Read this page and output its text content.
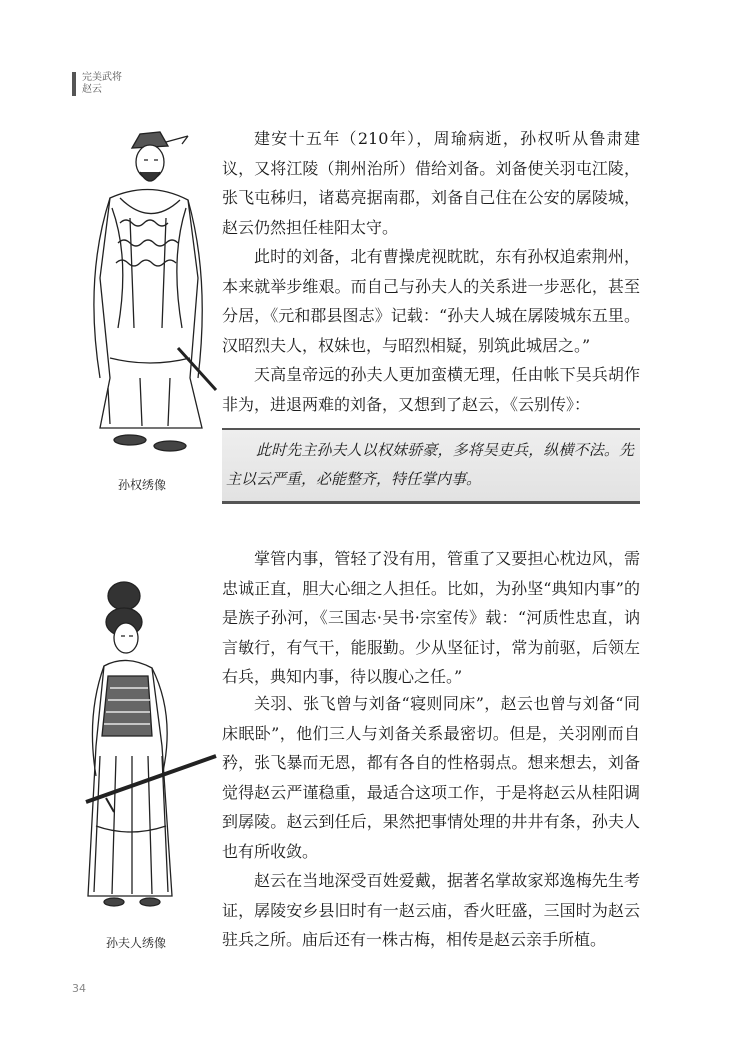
完美武将
赵云
孙权绣像
孙夫人绣像

建安十五年（210年），周瑜病逝，孙权听从鲁肃建议，又将江陵（荆州治所）借给刘备。刘备使关羽屯江陵，张飞屯秭归，诸葛亮据南郡，刘备自己住在公安的孱陵城，赵云仍然担任桂阳太守。

此时的刘备，北有曹操虎视眈眈，东有孙权追索荆州，本来就举步维艰。而自己与孙夫人的关系进一步恶化，甚至分居，《元和郡县图志》记载：“孙夫人城在孱陵城东五里。汉昭烈夫人，权妹也，与昭烈相疑，别筑此城居之。”

天高皇帝远的孙夫人更加蛮横无理，任由帐下吴兵胡作非为，进退两难的刘备，又想到了赵云，《云别传》：

此时先主孙夫人以权妹骄豪，多将吴吏兵，纵横不法。先主以云严重，必能整齐，特任掌内事。

掌管内事，管轻了没有用，管重了又要担心枕边风，需忠诚正直，胆大心细之人担任。比如，为孙坚“典知内事”的是族子孙河，《三国志·吴书·宗室传》载：“河质性忠直，讷言敏行，有气干，能服勤。少从坚征讨，常为前驱，后领左右兵，典知内事，待以腹心之任。”

关羽、张飞曾与刘备“寝则同床”，赵云也曾与刘备“同床眠卧”，他们三人与刘备关系最密切。但是，关羽刚而自矜，张飞暴而无恩，都有各自的性格弱点。想来想去，刘备觉得赵云严谨稳重，最适合这项工作，于是将赵云从桂阳调到孱陵。赵云到任后，果然把事情处理的井井有条，孙夫人也有所收敛。

赵云在当地深受百姓爱戴，据著名掌故家郑逸梅先生考证，孱陵安乡县旧时有一赵云庙，香火旺盛，三国时为赵云驻兵之所。庙后还有一株古梅，相传是赵云亲手所植。

34
